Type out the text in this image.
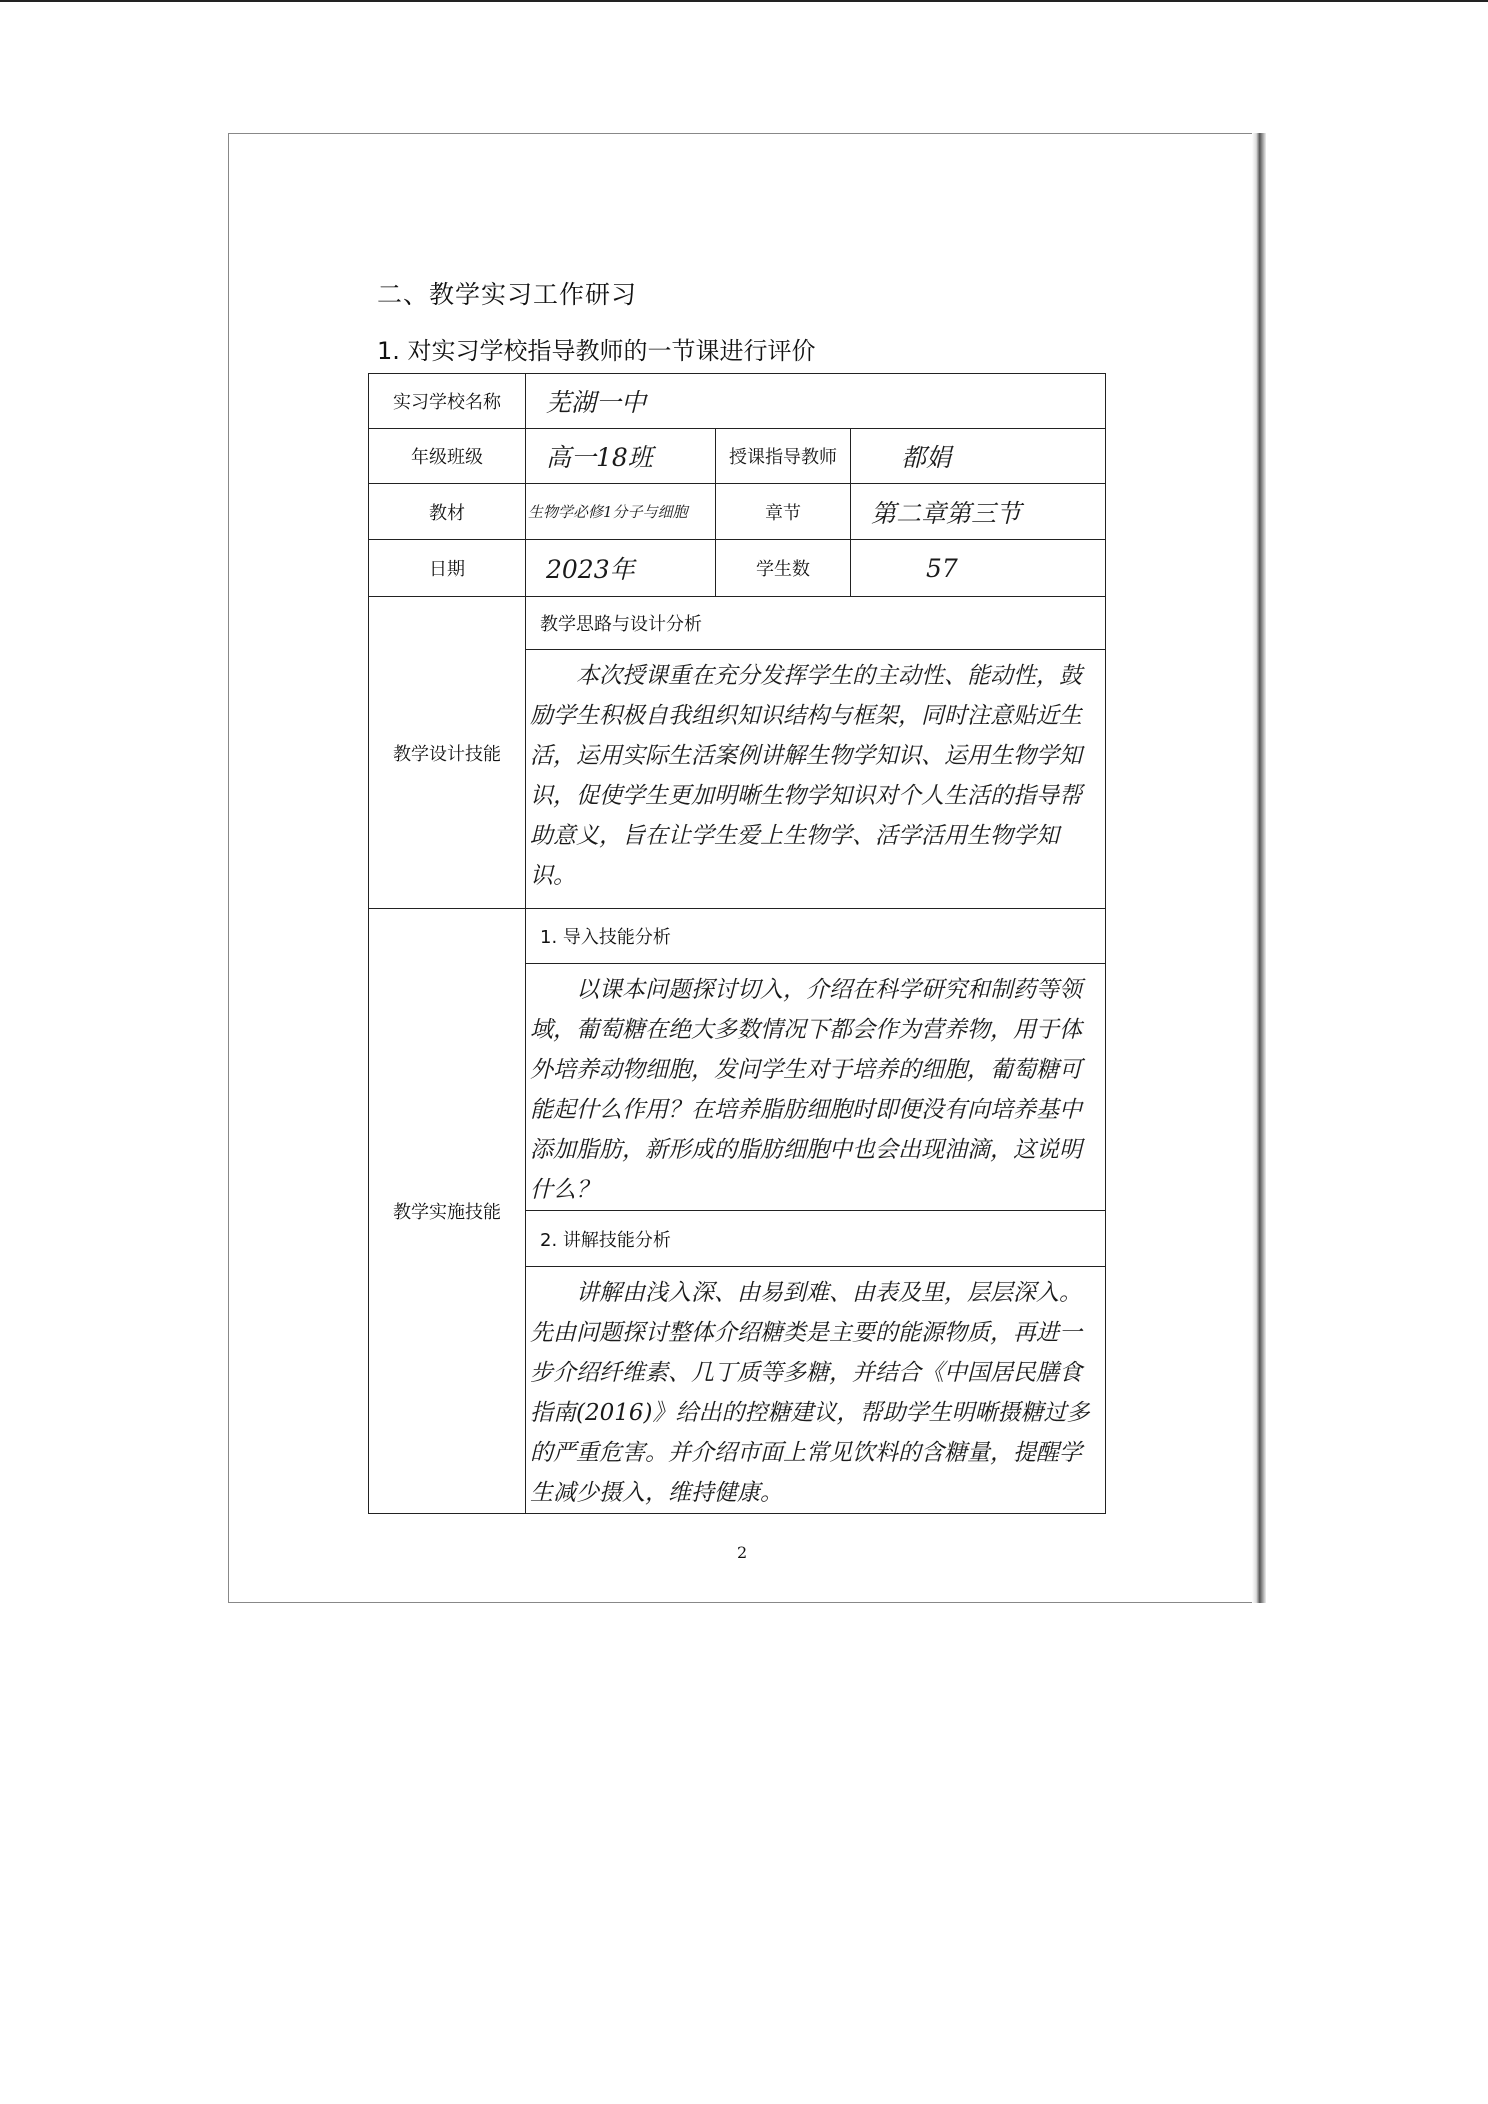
二、教学实习工作研习
1. 对实习学校指导教师的一节课进行评价
实习学校名称	芜湖一中		
年级班级	高一18班	授课指导教师	都娟
教材	生物学必修1分子与细胞	章节	第二章第三节
日期	2023年	学生数	57
教学设计技能	教学思路与设计分析		
	本次授课重在充分发挥学生的主动性、能动性，鼓励学生积极自我组织知识结构与框架，同时注意贴近生活，运用实际生活案例讲解生物学知识、运用生物学知识，促使学生更加明晰生物学知识对个人生活的指导帮助意义，旨在让学生爱上生物学、活学活用生物学知识。		
教学实施技能	1. 导入技能分析		
	以课本问题探讨切入，介绍在科学研究和制药等领域，葡萄糖在绝大多数情况下都会作为营养物，用于体外培养动物细胞，发问学生对于培养的细胞，葡萄糖可能起什么作用？在培养脂肪细胞时即便没有向培养基中添加脂肪，新形成的脂肪细胞中也会出现油滴，这说明什么？		
	2. 讲解技能分析		
	讲解由浅入深、由易到难、由表及里，层层深入。先由问题探讨整体介绍糖类是主要的能源物质，再进一步介绍纤维素、几丁质等多糖，并结合《中国居民膳食指南(2016)》给出的控糖建议，帮助学生明晰摄糖过多的严重危害。并介绍市面上常见饮料的含糖量，提醒学生减少摄入，维持健康。		
2
